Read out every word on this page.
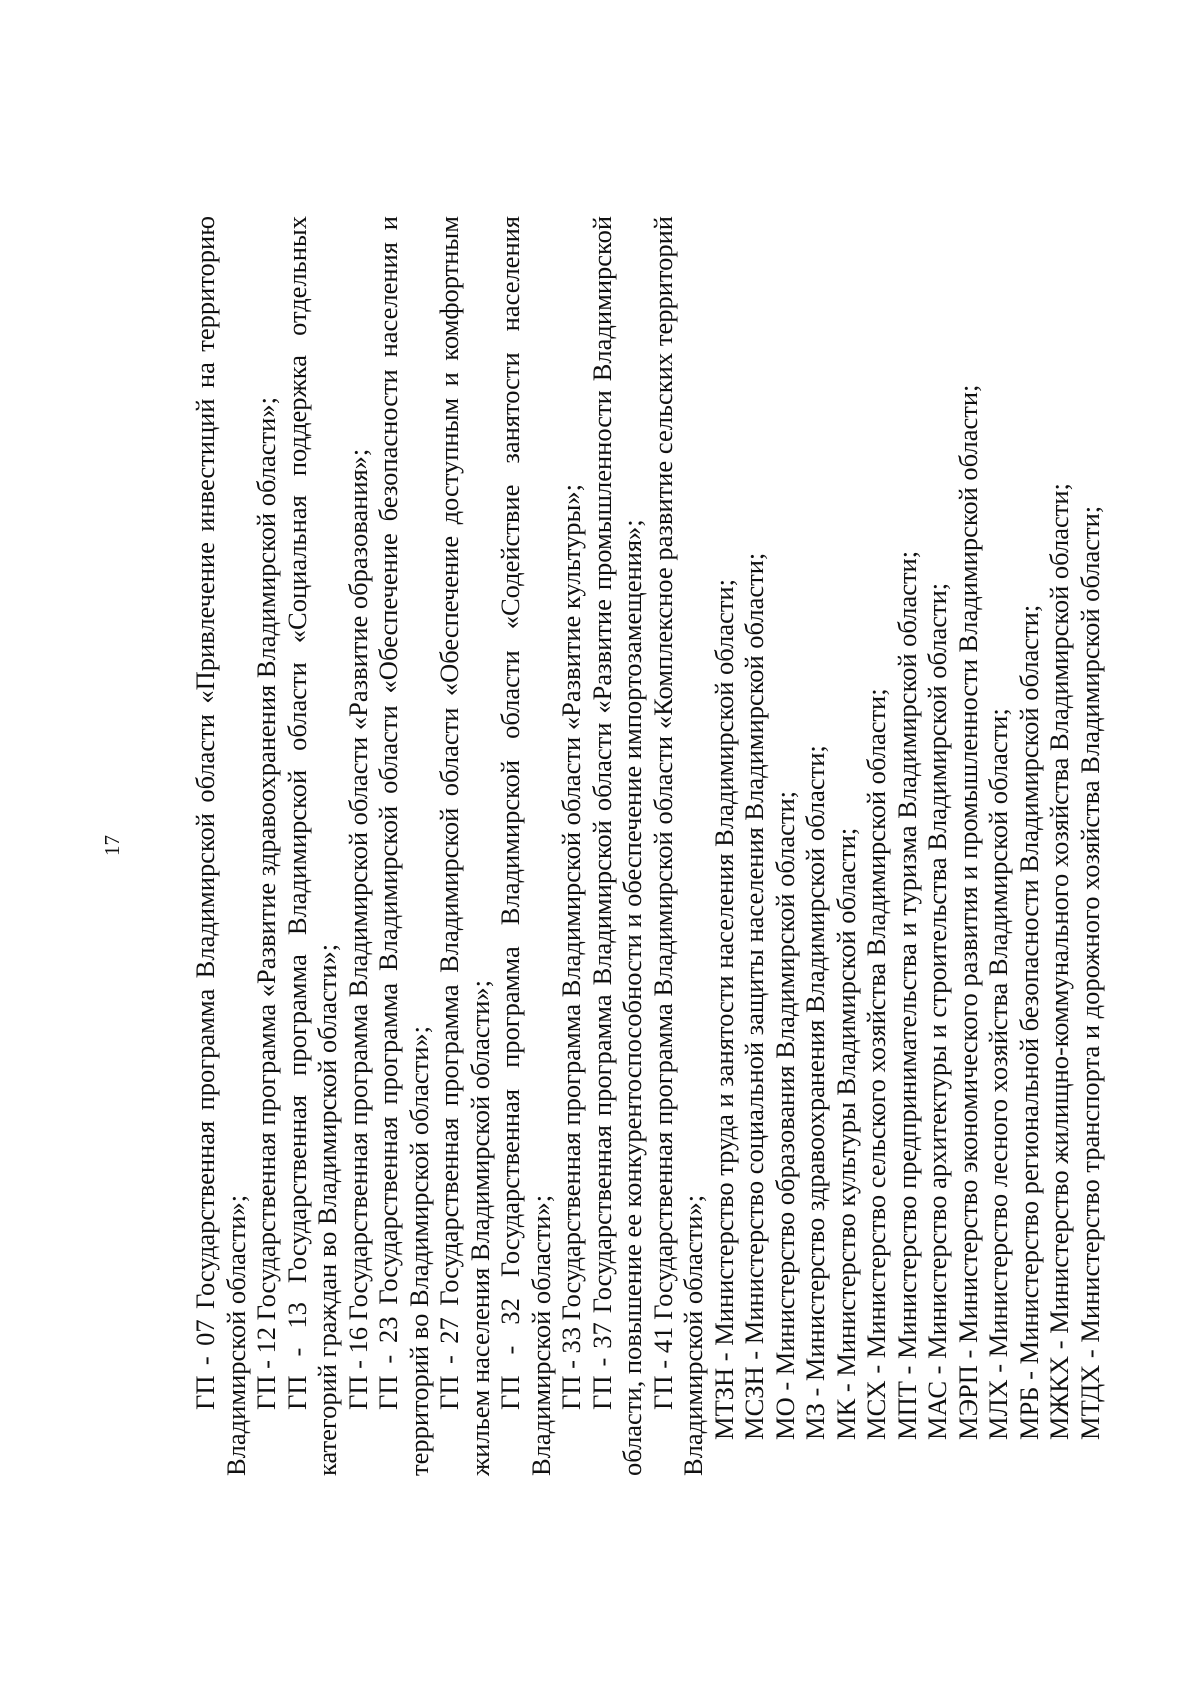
17 ГП - 07 Государственная программа Владимирской области «Привлечение инвестиций на территорию Владимирской области»; ГП - 12 Государственная программа «Развитие здравоохранения Владимирской области»; ГП - 13 Государственная программа Владимирской области «Социальная поддержка отдельных категорий граждан во Владимирской области»; ГП - 16 Государственная программа Владимирской области «Развитие образования»; ГП - 23 Государственная программа Владимирской области «Обеспечение безопасности населения и территорий во Владимирской области»; ГП - 27 Государственная программа Владимирской области «Обеспечение доступным и комфортным жильем населения Владимирской области»; ГП - 32 Государственная программа Владимирской области «Содействие занятости населения Владимирской области»; ГП - 33 Государственная программа Владимирской области «Развитие культуры»; ГП - 37 Государственная программа Владимирской области «Развитие промышленности Владимирской области, повышение ее конкурентоспособности и обеспечение импортозамещения»; ГП - 41 Государственная программа Владимирской области «Комплексное развитие сельских территорий Владимирской области»; МТЗН - Министерство труда и занятости населения Владимирской области; МСЗН - Министерство социальной защиты населения Владимирской области; МО - Министерство образования Владимирской области; МЗ - Министерство здравоохранения Владимирской области; МК - Министерство культуры Владимирской области; МСХ - Министерство сельского хозяйства Владимирской области; МПТ - Министерство предпринимательства и туризма Владимирской области; МАС - Министерство архитектуры и строительства Владимирской области; МЭРП - Министерство экономического развития и промышленности Владимирской области; МЛХ - Министерство лесного хозяйства Владимирской области; МРБ - Министерство региональной безопасности Владимирской области; МЖКХ - Министерство жилищно-коммунального хозяйства Владимирской области; МТДХ - Министерство транспорта и дорожного хозяйства Владимирской области;
